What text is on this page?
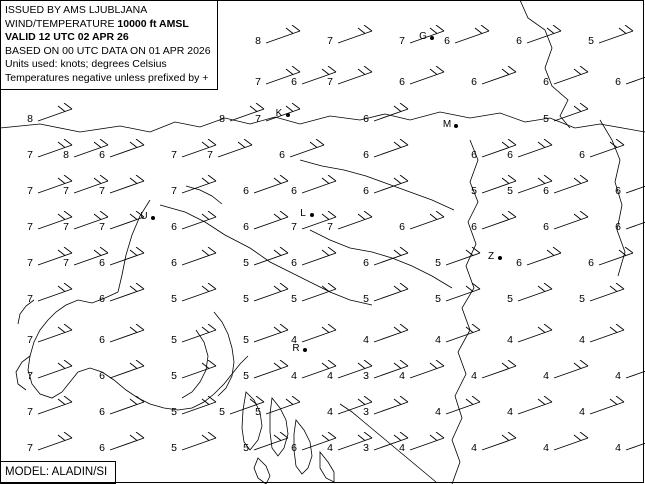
ISSUED BY AMS LJUBLJANA
WIND/TEMPERATURE 10000 ft AMSL
VALID 12 UTC 02 APR 26
BASED ON 00 UTC DATA ON 01 APR 2026
Units used: knots; degrees Celsius
Temperatures negative unless prefixed by +
MODEL: ALADIN/SI
8	7	7	6	6	5
7	6	7	6	6	6	6
8	8	7	6	5
7	8	6	7	7	6	6	6	6	6
7	7	7	7	6	6	6	5	5	6	6
7	7	7	6	6	7	7	6	6	6	6
7	7	6	6	5	6	6	5	6	6
7	6	5	5	5	5	5	5	5
7	6	5	5	4	4	4	4	4
7	6	5	5	4	4	3	4	4	4	4
7	6	5	5	5	4	3	4	4	4
7	6	5	5	6	4	3	4	4	4	4
G
K
M
U	L
Z
R
